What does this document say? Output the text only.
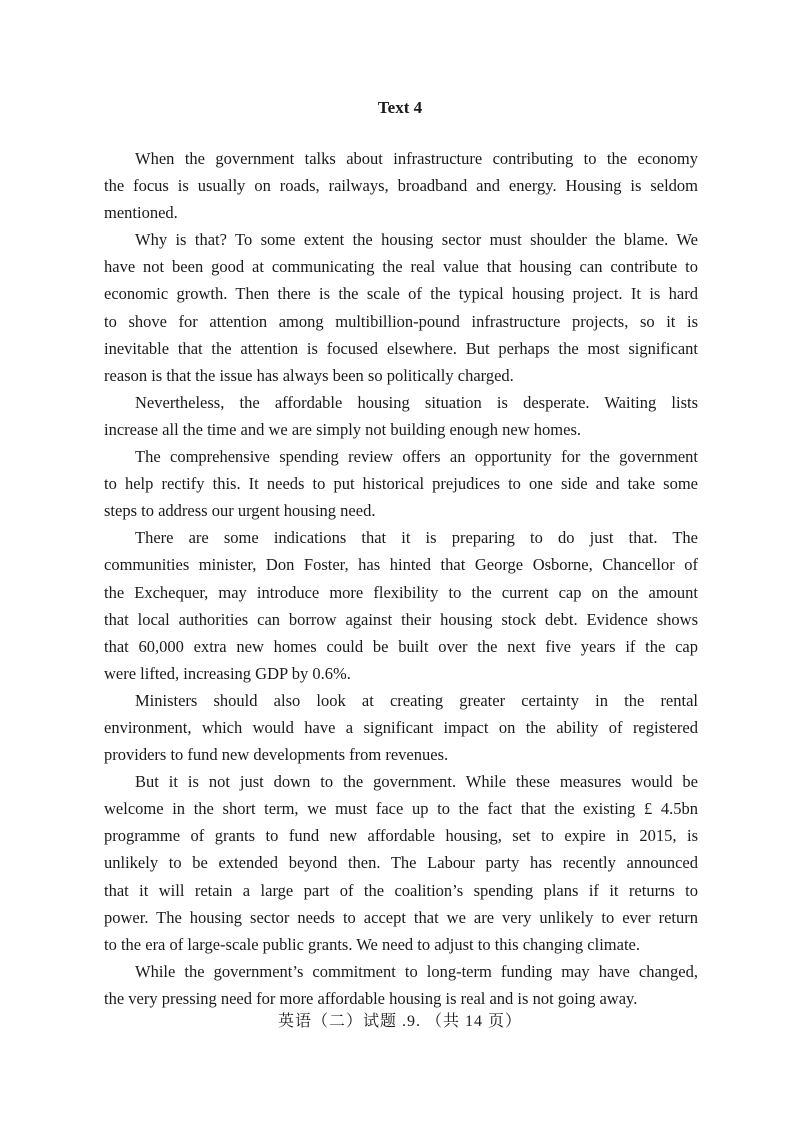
Text 4
When the government talks about infrastructure contributing to the economy
the focus is usually on roads, railways, broadband and energy. Housing is seldom
mentioned.
Why is that? To some extent the housing sector must shoulder the blame. We
have not been good at communicating the real value that housing can contribute to
economic growth. Then there is the scale of the typical housing project. It is hard
to shove for attention among multibillion-pound infrastructure projects, so it is
inevitable that the attention is focused elsewhere. But perhaps the most significant
reason is that the issue has always been so politically charged.
Nevertheless, the affordable housing situation is desperate. Waiting lists
increase all the time and we are simply not building enough new homes.
The comprehensive spending review offers an opportunity for the government
to help rectify this. It needs to put historical prejudices to one side and take some
steps to address our urgent housing need.
There are some indications that it is preparing to do just that. The
communities minister, Don Foster, has hinted that George Osborne, Chancellor of
the Exchequer, may introduce more flexibility to the current cap on the amount
that local authorities can borrow against their housing stock debt. Evidence shows
that 60,000 extra new homes could be built over the next five years if the cap
were lifted, increasing GDP by 0.6%.
Ministers should also look at creating greater certainty in the rental
environment, which would have a significant impact on the ability of registered
providers to fund new developments from revenues.
But it is not just down to the government. While these measures would be
welcome in the short term, we must face up to the fact that the existing £ 4.5bn
programme of grants to fund new affordable housing, set to expire in 2015, is
unlikely to be extended beyond then. The Labour party has recently announced
that it will retain a large part of the coalition’s spending plans if it returns to
power. The housing sector needs to accept that we are very unlikely to ever return
to the era of large-scale public grants. We need to adjust to this changing climate.
While the government’s commitment to long-term funding may have changed,
the very pressing need for more affordable housing is real and is not going away.
英语（二）试题 .9. （共 14 页）
